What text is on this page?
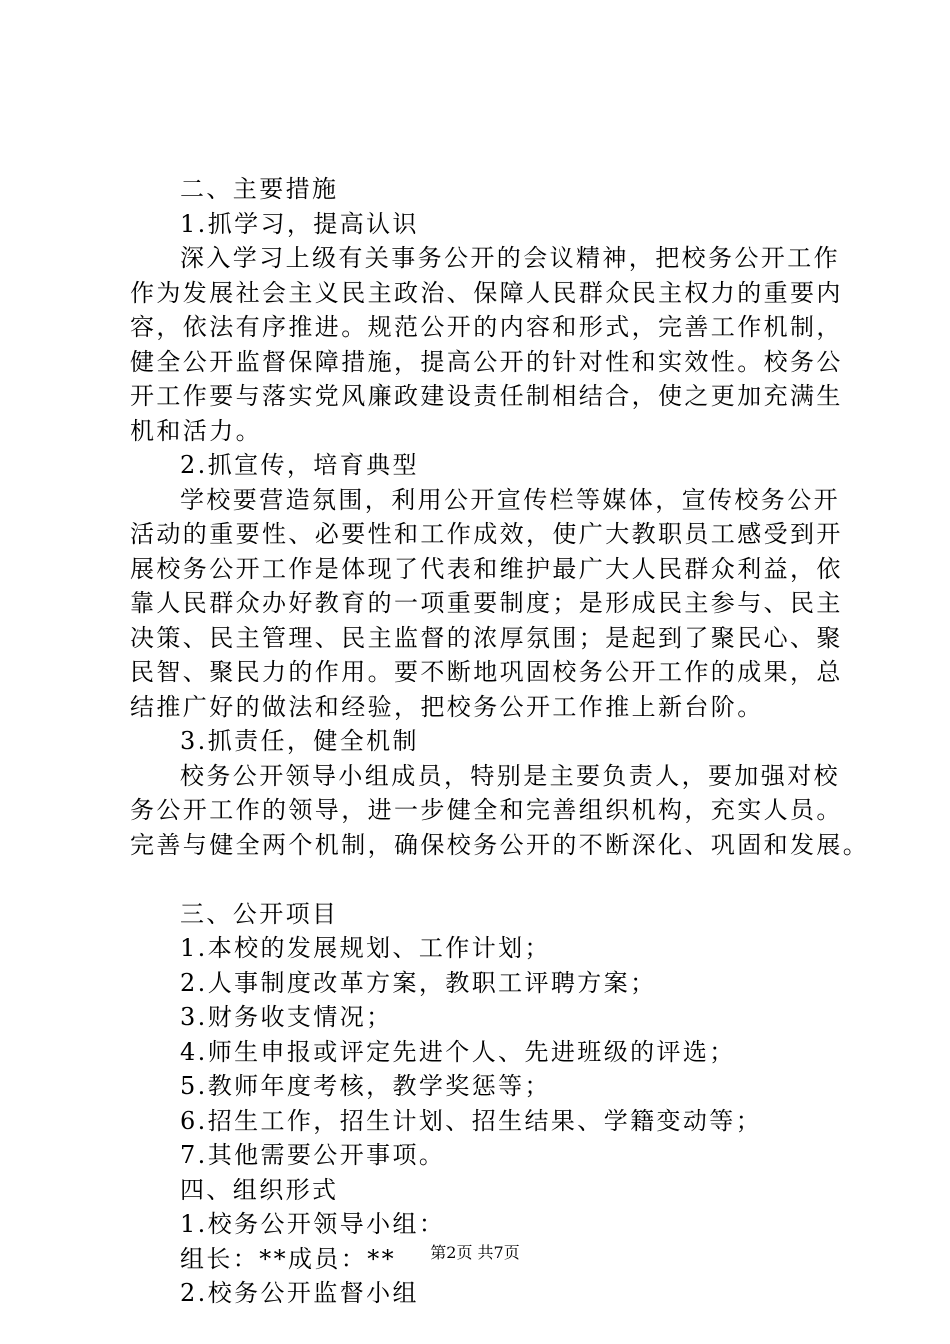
二、主要措施
1.抓学习，提高认识
深入学习上级有关事务公开的会议精神，把校务公开工作
作为发展社会主义民主政治、保障人民群众民主权力的重要内
容，依法有序推进。规范公开的内容和形式，完善工作机制，
健全公开监督保障措施，提高公开的针对性和实效性。校务公
开工作要与落实党风廉政建设责任制相结合，使之更加充满生
机和活力。
2.抓宣传，培育典型
学校要营造氛围，利用公开宣传栏等媒体，宣传校务公开
活动的重要性、必要性和工作成效，使广大教职员工感受到开
展校务公开工作是体现了代表和维护最广大人民群众利益，依
靠人民群众办好教育的一项重要制度；是形成民主参与、民主
决策、民主管理、民主监督的浓厚氛围；是起到了聚民心、聚
民智、聚民力的作用。要不断地巩固校务公开工作的成果，总
结推广好的做法和经验，把校务公开工作推上新台阶。
3.抓责任，健全机制
校务公开领导小组成员，特别是主要负责人，要加强对校
务公开工作的领导，进一步健全和完善组织机构，充实人员。
完善与健全两个机制，确保校务公开的不断深化、巩固和发展。
三、公开项目
1.本校的发展规划、工作计划；
2.人事制度改革方案，教职工评聘方案；
3.财务收支情况；
4.师生申报或评定先进个人、先进班级的评选；
5.教师年度考核，教学奖惩等；
6.招生工作，招生计划、招生结果、学籍变动等；
7.其他需要公开事项。
四、组织形式
1.校务公开领导小组：
组长：**成员：**
2.校务公开监督小组
第2页 共7页
